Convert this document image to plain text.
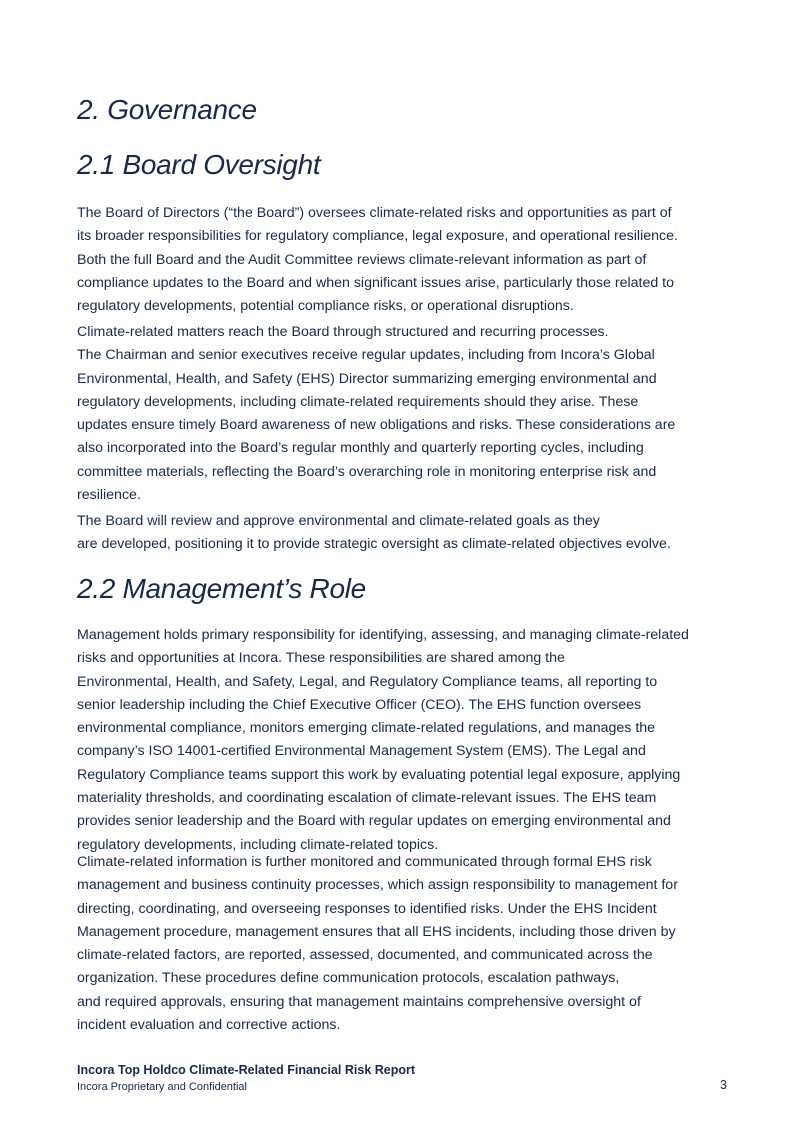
2. Governance
2.1 Board Oversight

The Board of Directors (“the Board”) oversees climate-related risks and opportunities as part of
its broader responsibilities for regulatory compliance, legal exposure, and operational resilience.
Both the full Board and the Audit Committee reviews climate-relevant information as part of
compliance updates to the Board and when significant issues arise, particularly those related to
regulatory developments, potential compliance risks, or operational disruptions.

Climate-related matters reach the Board through structured and recurring processes.
The Chairman and senior executives receive regular updates, including from Incora’s Global
Environmental, Health, and Safety (EHS) Director summarizing emerging environmental and
regulatory developments, including climate-related requirements should they arise. These
updates ensure timely Board awareness of new obligations and risks. These considerations are
also incorporated into the Board’s regular monthly and quarterly reporting cycles, including
committee materials, reflecting the Board’s overarching role in monitoring enterprise risk and
resilience.

The Board will review and approve environmental and climate-related goals as they
are developed, positioning it to provide strategic oversight as climate-related objectives evolve.

2.2 Management’s Role

Management holds primary responsibility for identifying, assessing, and managing climate-related
risks and opportunities at Incora. These responsibilities are shared among the
Environmental, Health, and Safety, Legal, and Regulatory Compliance teams, all reporting to
senior leadership including the Chief Executive Officer (CEO). The EHS function oversees
environmental compliance, monitors emerging climate-related regulations, and manages the
company’s ISO 14001-certified Environmental Management System (EMS). The Legal and
Regulatory Compliance teams support this work by evaluating potential legal exposure, applying
materiality thresholds, and coordinating escalation of climate-relevant issues. The EHS team
provides senior leadership and the Board with regular updates on emerging environmental and
regulatory developments, including climate-related topics.

Climate-related information is further monitored and communicated through formal EHS risk
management and business continuity processes, which assign responsibility to management for
directing, coordinating, and overseeing responses to identified risks. Under the EHS Incident
Management procedure, management ensures that all EHS incidents, including those driven by
climate-related factors, are reported, assessed, documented, and communicated across the
organization. These procedures define communication protocols, escalation pathways,
and required approvals, ensuring that management maintains comprehensive oversight of
incident evaluation and corrective actions.

Incora Top Holdco Climate-Related Financial Risk Report
Incora Proprietary and Confidential	3
